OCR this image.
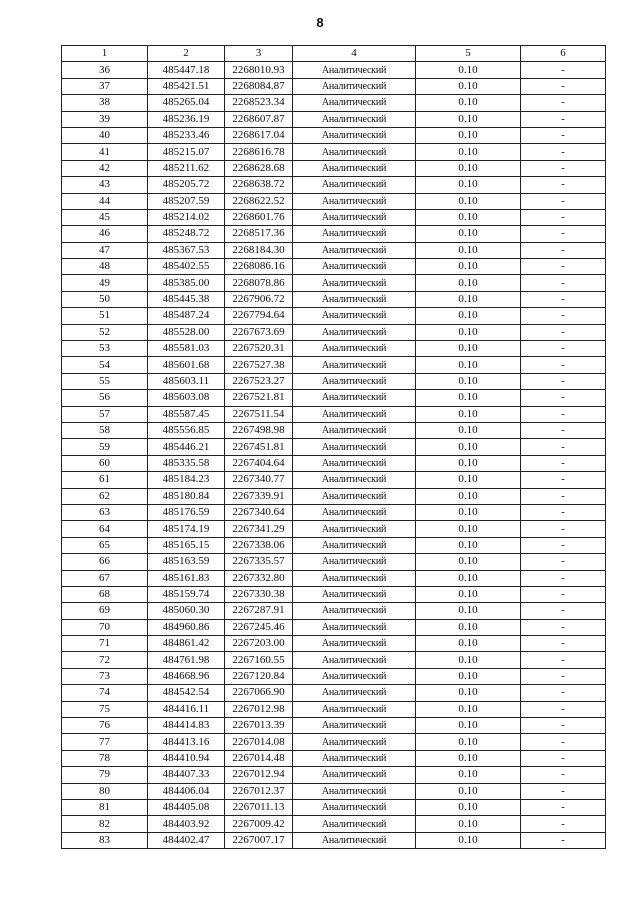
8
1	2	3	4	5	6
36	485447.18	2268010.93	Аналитический	0.10	-
37	485421.51	2268084.87	Аналитический	0.10	-
38	485265.04	2268523.34	Аналитический	0.10	-
39	485236.19	2268607.87	Аналитический	0.10	-
40	485233.46	2268617.04	Аналитический	0.10	-
41	485215.07	2268616.78	Аналитический	0.10	-
42	485211.62	2268628.68	Аналитический	0.10	-
43	485205.72	2268638.72	Аналитический	0.10	-
44	485207.59	2268622.52	Аналитический	0.10	-
45	485214.02	2268601.76	Аналитический	0.10	-
46	485248.72	2268517.36	Аналитический	0.10	-
47	485367.53	2268184.30	Аналитический	0.10	-
48	485402.55	2268086.16	Аналитический	0.10	-
49	485385.00	2268078.86	Аналитический	0.10	-
50	485445.38	2267906.72	Аналитический	0.10	-
51	485487.24	2267794.64	Аналитический	0.10	-
52	485528.00	2267673.69	Аналитический	0.10	-
53	485581.03	2267520.31	Аналитический	0.10	-
54	485601.68	2267527.38	Аналитический	0.10	-
55	485603.11	2267523.27	Аналитический	0.10	-
56	485603.08	2267521.81	Аналитический	0.10	-
57	485587.45	2267511.54	Аналитический	0.10	-
58	485556.85	2267498.98	Аналитический	0.10	-
59	485446.21	2267451.81	Аналитический	0.10	-
60	485335.58	2267404.64	Аналитический	0.10	-
61	485184.23	2267340.77	Аналитический	0.10	-
62	485180.84	2267339.91	Аналитический	0.10	-
63	485176.59	2267340.64	Аналитический	0.10	-
64	485174.19	2267341.29	Аналитический	0.10	-
65	485165.15	2267338.06	Аналитический	0.10	-
66	485163.59	2267335.57	Аналитический	0.10	-
67	485161.83	2267332.80	Аналитический	0.10	-
68	485159.74	2267330.38	Аналитический	0.10	-
69	485060.30	2267287.91	Аналитический	0.10	-
70	484960.86	2267245.46	Аналитический	0.10	-
71	484861.42	2267203.00	Аналитический	0.10	-
72	484761.98	2267160.55	Аналитический	0.10	-
73	484668.96	2267120.84	Аналитический	0.10	-
74	484542.54	2267066.90	Аналитический	0.10	-
75	484416.11	2267012.98	Аналитический	0.10	-
76	484414.83	2267013.39	Аналитический	0.10	-
77	484413.16	2267014.08	Аналитический	0.10	-
78	484410.94	2267014.48	Аналитический	0.10	-
79	484407.33	2267012.94	Аналитический	0.10	-
80	484406.04	2267012.37	Аналитический	0.10	-
81	484405.08	2267011.13	Аналитический	0.10	-
82	484403.92	2267009.42	Аналитический	0.10	-
83	484402.47	2267007.17	Аналитический	0.10	-
